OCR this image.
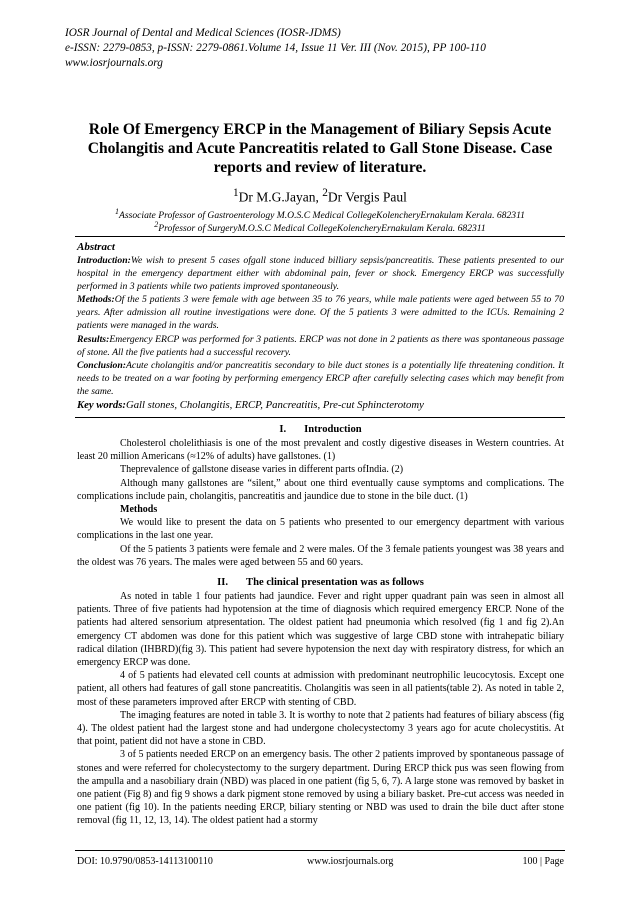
IOSR Journal of Dental and Medical Sciences (IOSR-JDMS)
e-ISSN: 2279-0853, p-ISSN: 2279-0861.Volume 14, Issue 11 Ver. III (Nov. 2015), PP 100-110
www.iosrjournals.org
Role Of Emergency ERCP in the Management of Biliary Sepsis Acute Cholangitis and Acute Pancreatitis related to Gall Stone Disease. Case reports and review of literature.
$^1$Dr M.G.Jayan, $^2$Dr Vergis Paul
$^1$Associate Professor of Gastroenterology M.O.S.C Medical CollegeKolencheryErnakulam Kerala. 682311
$^2$Professor of SurgeryM.O.S.C Medical CollegeKolencheryErnakulam Kerala. 682311
Abstract

Introduction:We wish to present 5 cases ofgall stone induced billiary sepsis/pancreatitis. These patients presented to our hospital in the emergency department either with abdominal pain, fever or shock. Emergency ERCP was successfully performed in 3 patients while two patients improved spontaneously.

Methods:Of the 5 patients 3 were female with age between 35 to 76 years, while male patients were aged between 55 to 70 years. After admission all routine investigations were done. Of the 5 patients 3 were admitted to the ICUs. Remaining 2 patients were managed in the wards.

Results:Emergency ERCP was performed for 3 patients. ERCP was not done in 2 patients as there was spontaneous passage of stone. All the five patients had a successful recovery.

Conclusion:Acute cholangitis and/or pancreatitis secondary to bile duct stones is a potentially life threatening condition. It needs to be treated on a war footing by performing emergency ERCP after carefully selecting cases which may benefit from the same.

Key words:Gall stones, Cholangitis, ERCP, Pancreatitis, Pre-cut Sphincterotomy

I. Introduction

Cholesterol cholelithiasis is one of the most prevalent and costly digestive diseases in Western countries. At least 20 million Americans (≈12% of adults) have gallstones. (1)

Theprevalence of gallstone disease varies in different parts ofIndia. (2)

Although many gallstones are “silent,” about one third eventually cause symptoms and complications. The complications include pain, cholangitis, pancreatitis and jaundice due to stone in the bile duct. (1)

Methods

We would like to present the data on 5 patients who presented to our emergency department with various complications in the last one year.

Of the 5 patients 3 patients were female and 2 were males. Of the 3 female patients youngest was 38 years and the oldest was 76 years. The males were aged between 55 and 60 years.

II. The clinical presentation was as follows

As noted in table 1 four patients had jaundice. Fever and right upper quadrant pain was seen in almost all patients. Three of five patients had hypotension at the time of diagnosis which required emergency ERCP. None of the patients had altered sensorium atpresentation. The oldest patient had pneumonia which resolved (fig 1 and fig 2).An emergency CT abdomen was done for this patient which was suggestive of large CBD stone with intrahepatic biliary radical dilation (IHBRD)(fig 3). This patient had severe hypotension the next day with respiratory distress, for which an emergency ERCP was done.

4 of 5 patients had elevated cell counts at admission with predominant neutrophilic leucocytosis. Except one patient, all others had features of gall stone pancreatitis. Cholangitis was seen in all patients(table 2). As noted in table 2, most of these parameters improved after ERCP with stenting of CBD.

The imaging features are noted in table 3. It is worthy to note that 2 patients had features of biliary abscess (fig 4). The oldest patient had the largest stone and had undergone cholecystectomy 3 years ago for acute cholecystitis. At that point, patient did not have a stone in CBD.

3 of 5 patients needed ERCP on an emergency basis. The other 2 patients improved by spontaneous passage of stones and were referred for cholecystectomy to the surgery department. During ERCP thick pus was seen flowing from the ampulla and a nasobiliary drain (NBD) was placed in one patient (fig 5, 6, 7). A large stone was removed by basket in one patient (Fig 8) and fig 9 shows a dark pigment stone removed by using a biliary basket. Pre-cut access was needed in one patient (fig 10). In the patients needing ERCP, biliary stenting or NBD was used to drain the bile duct after stone removal (fig 11, 12, 13, 14). The oldest patient had a stormy

DOI: 10.9790/0853-14113100110	www.iosrjournals.org	100 | Page
